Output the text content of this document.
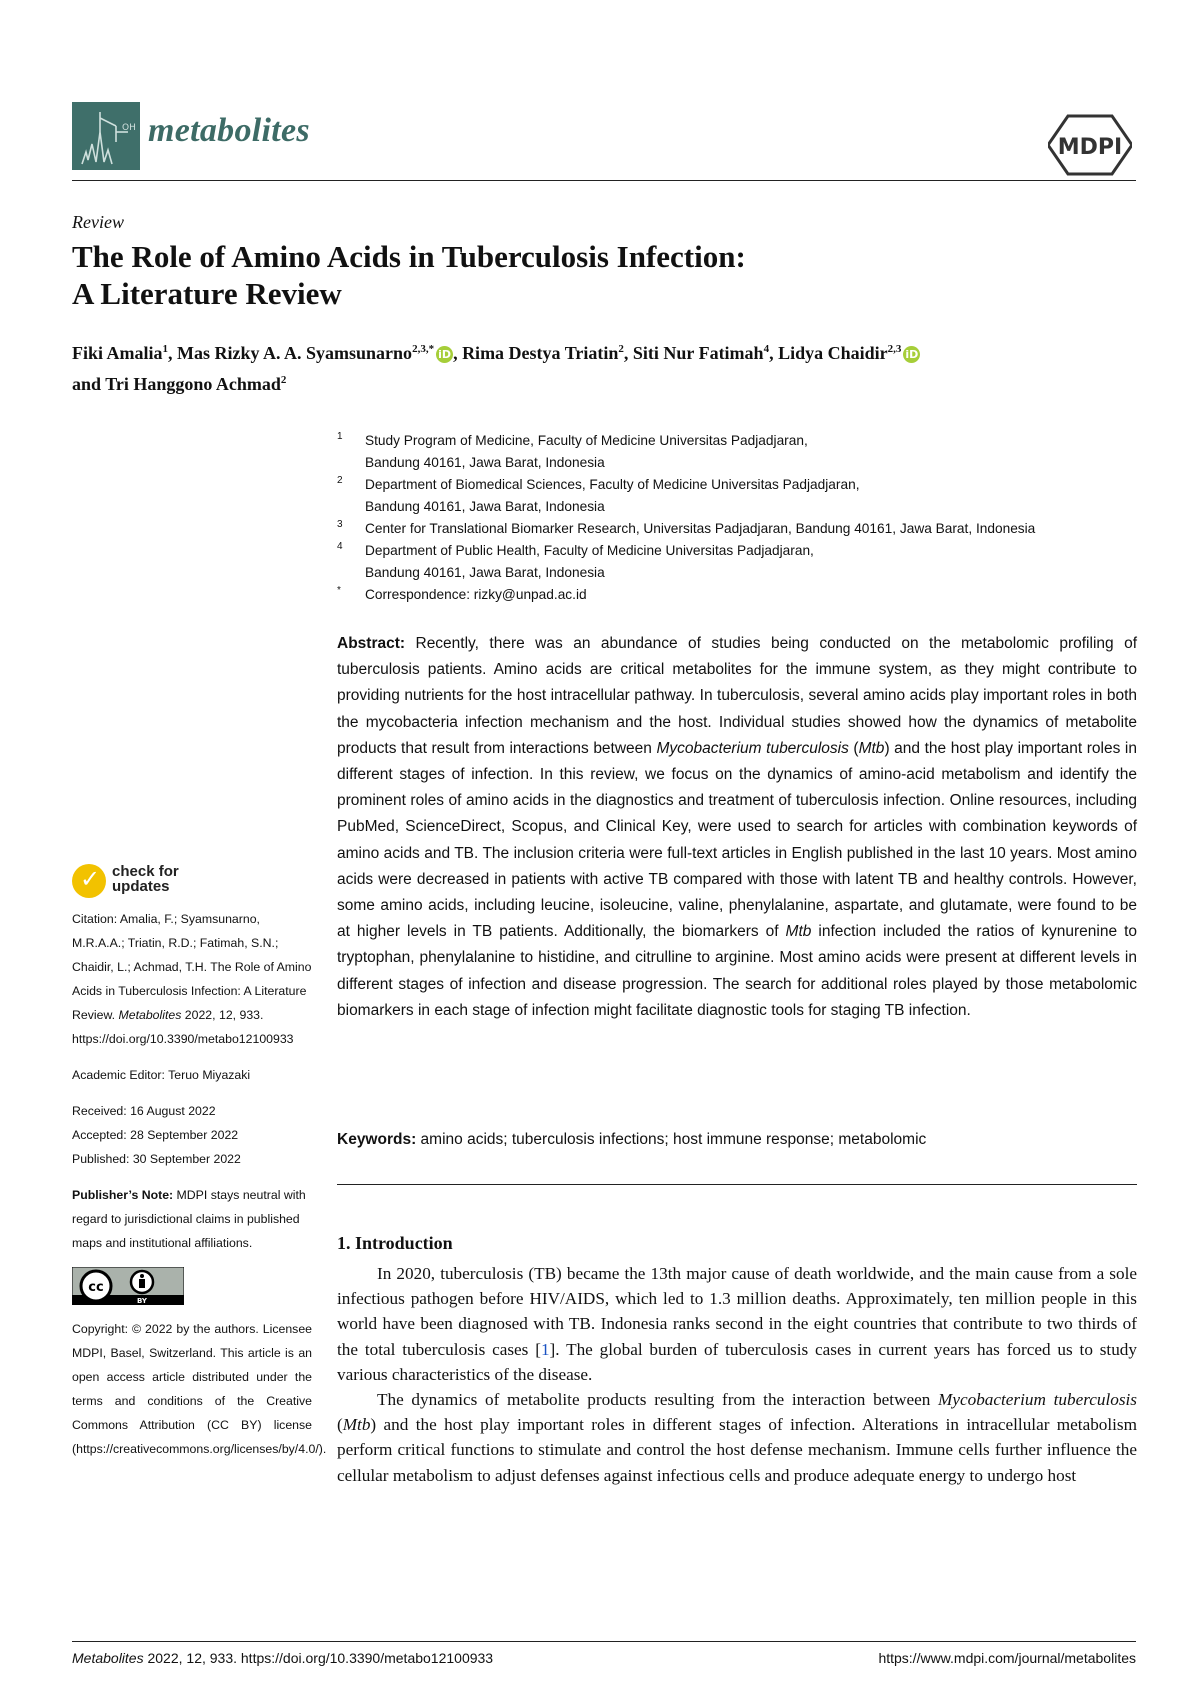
OH metabolites	MDPI
Review
The Role of Amino Acids in Tuberculosis Infection:
A Literature Review
Fiki Amalia$^1$, Mas Rizky A. A. Syamsunarno$^{2,3,*}$ iD , Rima Destya Triatin$^2$, Siti Nur Fatimah$^4$, Lidya Chaidir$^{2,3}$ iD
and Tri Hanggono Achmad$^2$
1 Study Program of Medicine, Faculty of Medicine Universitas Padjadjaran,
Bandung 40161, Jawa Barat, Indonesia
2 Department of Biomedical Sciences, Faculty of Medicine Universitas Padjadjaran,
Bandung 40161, Jawa Barat, Indonesia
3 Center for Translational Biomarker Research, Universitas Padjadjaran, Bandung 40161, Jawa Barat, Indonesia
4 Department of Public Health, Faculty of Medicine Universitas Padjadjaran,
Bandung 40161, Jawa Barat, Indonesia
* Correspondence: rizky@unpad.ac.id
Abstract: Recently, there was an abundance of studies being conducted on the metabolomic profiling of tuberculosis patients. Amino acids are critical metabolites for the immune system, as they might contribute to providing nutrients for the host intracellular pathway. In tuberculosis, several amino acids play important roles in both the mycobacteria infection mechanism and the host. Individual studies showed how the dynamics of metabolite products that result from interactions between Mycobacterium tuberculosis (Mtb) and the host play important roles in different stages of infection. In this review, we focus on the dynamics of amino-acid metabolism and identify the prominent roles of amino acids in the diagnostics and treatment of tuberculosis infection. Online resources, including PubMed, ScienceDirect, Scopus, and Clinical Key, were used to search for articles with combination keywords of amino acids and TB. The inclusion criteria were full-text articles in English published in the last 10 years. Most amino acids were decreased in patients with active TB compared with those with latent TB and healthy controls. However, some amino acids, including leucine, isoleucine, valine, phenylalanine, aspartate, and glutamate, were found to be at higher levels in TB patients. Additionally, the biomarkers of Mtb infection included the ratios of kynurenine to tryptophan, phenylalanine to histidine, and citrulline to arginine. Most amino acids were present at different levels in different stages of infection and disease progression. The search for additional roles played by those metabolomic biomarkers in each stage of infection might facilitate diagnostic tools for staging TB infection.
Keywords: amino acids; tuberculosis infections; host immune response; metabolomic
1. Introduction

In 2020, tuberculosis (TB) became the 13th major cause of death worldwide, and the main cause from a sole infectious pathogen before HIV/AIDS, which led to 1.3 million deaths. Approximately, ten million people in this world have been diagnosed with TB. Indonesia ranks second in the eight countries that contribute to two thirds of the total tuberculosis cases [1]. The global burden of tuberculosis cases in current years has forced us to study various characteristics of the disease.

The dynamics of metabolite products resulting from the interaction between Mycobacterium tuberculosis (Mtb) and the host play important roles in different stages of infection. Alterations in intracellular metabolism perform critical functions to stimulate and control the host defense mechanism. Immune cells further influence the cellular metabolism to adjust defenses against infectious cells and produce adequate energy to undergo host

✓ check for
updates

Citation: Amalia, F.; Syamsunarno, M.R.A.A.; Triatin, R.D.; Fatimah, S.N.; Chaidir, L.; Achmad, T.H. The Role of Amino Acids in Tuberculosis Infection: A Literature Review. Metabolites 2022, 12, 933. https://doi.org/10.3390/metabo12100933

Academic Editor: Teruo Miyazaki

Received: 16 August 2022
Accepted: 28 September 2022

Published: 30 September 2022

Publisher’s Note: MDPI stays neutral with regard to jurisdictional claims in published maps and institutional affiliations.

cc
BY

Copyright: © 2022 by the authors. Licensee MDPI, Basel, Switzerland. This article is an open access article distributed under the terms and conditions of the Creative Commons Attribution (CC BY) license (https://creativecommons.org/licenses/by/4.0/).

Metabolites 2022, 12, 933. https://doi.org/10.3390/metabo12100933	https://www.mdpi.com/journal/metabolites
